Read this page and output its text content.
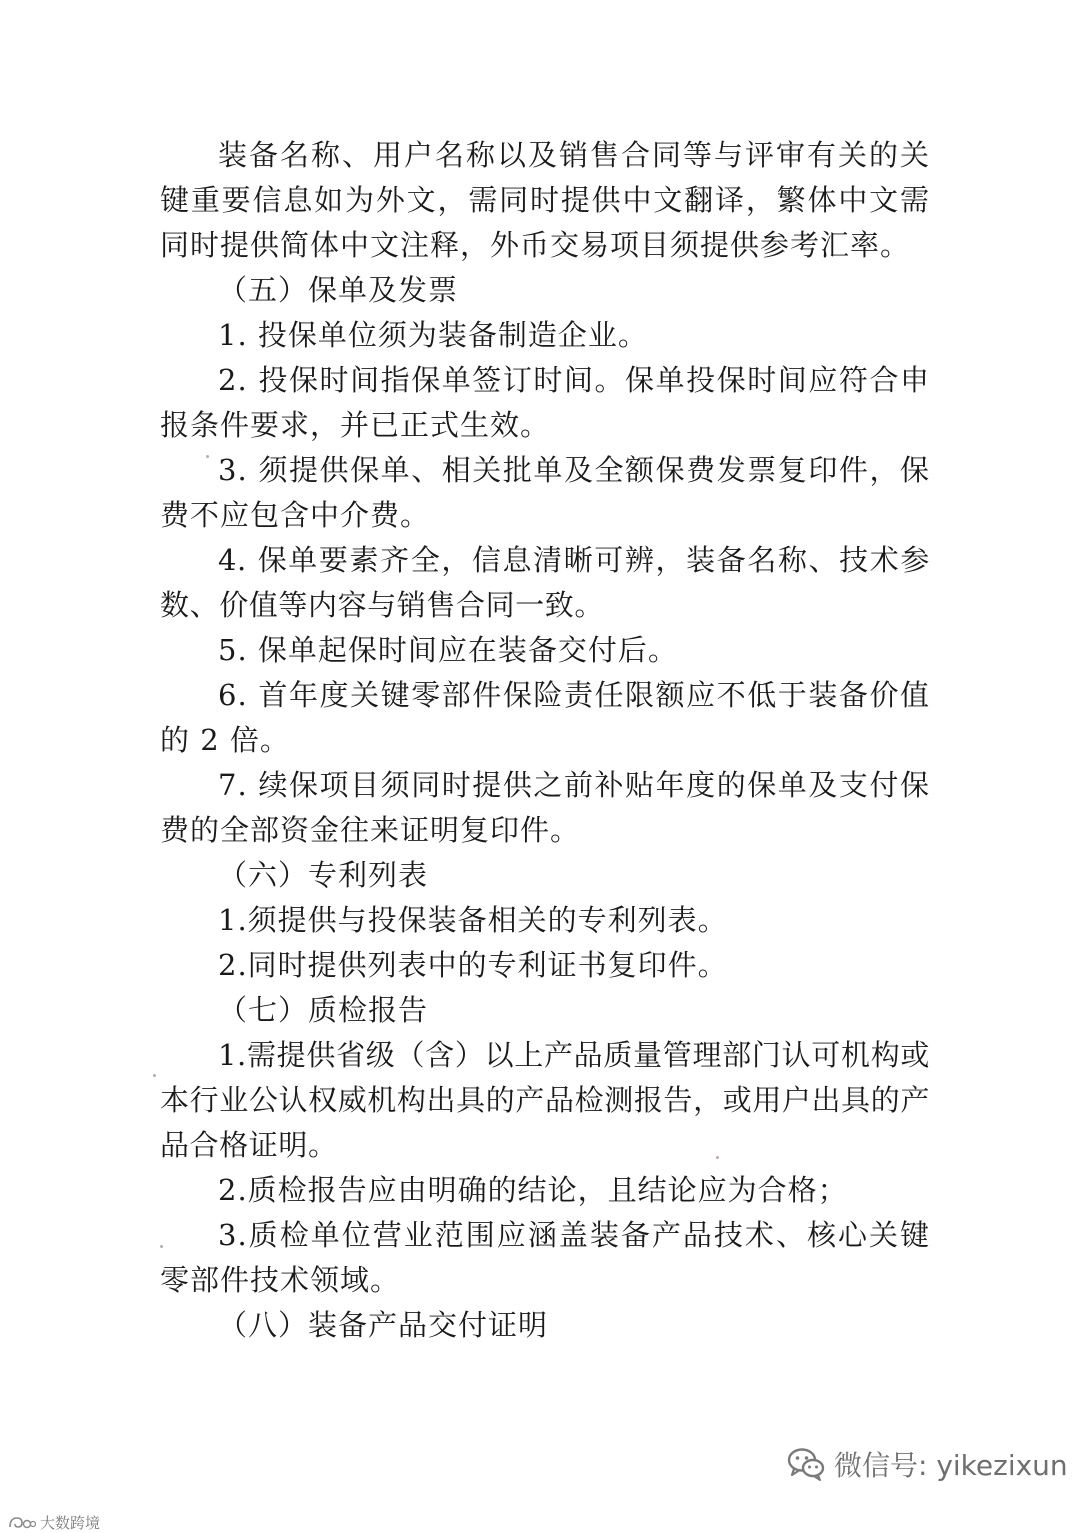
装备名称、用户名称以及销售合同等与评审有关的关键重要信息如为外文，需同时提供中文翻译，繁体中文需同时提供简体中文注释，外币交易项目须提供参考汇率。

（五）保单及发票

1. 投保单位须为装备制造企业。

2. 投保时间指保单签订时间。保单投保时间应符合申报条件要求，并已正式生效。

3. 须提供保单、相关批单及全额保费发票复印件，保费不应包含中介费。

4. 保单要素齐全，信息清晰可辨，装备名称、技术参数、价值等内容与销售合同一致。

5. 保单起保时间应在装备交付后。

6. 首年度关键零部件保险责任限额应不低于装备价值的 2 倍。

7. 续保项目须同时提供之前补贴年度的保单及支付保费的全部资金往来证明复印件。

（六）专利列表

1.须提供与投保装备相关的专利列表。

2.同时提供列表中的专利证书复印件。

（七）质检报告

1.需提供省级（含）以上产品质量管理部门认可机构或本行业公认权威机构出具的产品检测报告，或用户出具的产品合格证明。

2.质检报告应由明确的结论，且结论应为合格；

3.质检单位营业范围应涵盖装备产品技术、核心关键零部件技术领域。

（八）装备产品交付证明

微信号: yikezixun
大数跨境
